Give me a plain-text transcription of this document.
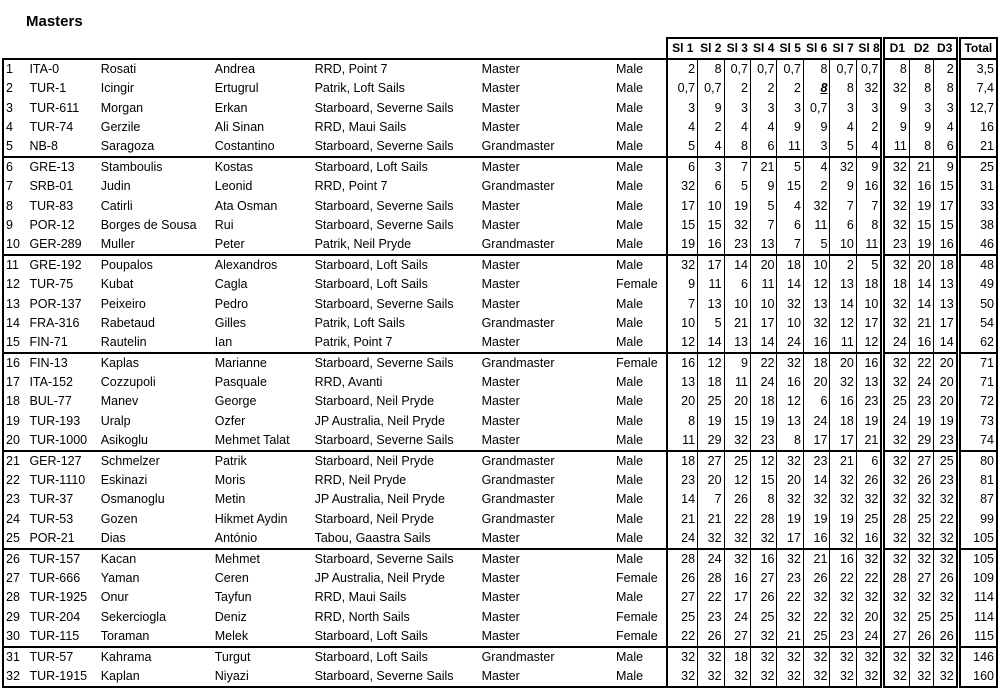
Masters
							Sl 1	Sl 2	Sl 3	Sl 4	Sl 5	Sl 6	Sl 7	Sl 8	D1	D2	D3	Total
1	ITA-0	Rosati	Andrea	RRD, Point 7	Master	Male	2	8	0,7	0,7	0,7	8	0,7	0,7	8	8	2	3,5
2	TUR-1	Icingir	Ertugrul	Patrik, Loft Sails	Master	Male	0,7	0,7	2	2	2	8	8	32	32	8	8	7,4
3	TUR-611	Morgan	Erkan	Starboard, Severne Sails	Master	Male	3	9	3	3	3	0,7	3	3	9	3	3	12,7
4	TUR-74	Gerzile	Ali Sinan	RRD, Maui Sails	Master	Male	4	2	4	4	9	9	4	2	9	9	4	16
5	NB-8	Saragoza	Costantino	Starboard, Severne Sails	Grandmaster	Male	5	4	8	6	11	3	5	4	11	8	6	21
6	GRE-13	Stamboulis	Kostas	Starboard, Loft Sails	Master	Male	6	3	7	21	5	4	32	9	32	21	9	25
7	SRB-01	Judin	Leonid	RRD, Point 7	Grandmaster	Male	32	6	5	9	15	2	9	16	32	16	15	31
8	TUR-83	Catirli	Ata Osman	Starboard, Severne Sails	Master	Male	17	10	19	5	4	32	7	7	32	19	17	33
9	POR-12	Borges de Sousa	Rui	Starboard, Severne Sails	Master	Male	15	15	32	7	6	11	6	8	32	15	15	38
10	GER-289	Muller	Peter	Patrik, Neil Pryde	Grandmaster	Male	19	16	23	13	7	5	10	11	23	19	16	46
11	GRE-192	Poupalos	Alexandros	Starboard, Loft Sails	Master	Male	32	17	14	20	18	10	2	5	32	20	18	48
12	TUR-75	Kubat	Cagla	Starboard, Loft Sails	Master	Female	9	11	6	11	14	12	13	18	18	14	13	49
13	POR-137	Peixeiro	Pedro	Starboard, Severne Sails	Master	Male	7	13	10	10	32	13	14	10	32	14	13	50
14	FRA-316	Rabetaud	Gilles	Patrik, Loft Sails	Grandmaster	Male	10	5	21	17	10	32	12	17	32	21	17	54
15	FIN-71	Rautelin	Ian	Patrik, Point 7	Master	Male	12	14	13	14	24	16	11	12	24	16	14	62
16	FIN-13	Kaplas	Marianne	Starboard, Severne Sails	Grandmaster	Female	16	12	9	22	32	18	20	16	32	22	20	71
17	ITA-152	Cozzupoli	Pasquale	RRD, Avanti	Master	Male	13	18	11	24	16	20	32	13	32	24	20	71
18	BUL-77	Manev	George	Starboard, Neil Pryde	Master	Male	20	25	20	18	12	6	16	23	25	23	20	72
19	TUR-193	Uralp	Ozfer	JP Australia, Neil Pryde	Master	Male	8	19	15	19	13	24	18	19	24	19	19	73
20	TUR-1000	Asikoglu	Mehmet Talat	Starboard, Severne Sails	Master	Male	11	29	32	23	8	17	17	21	32	29	23	74
21	GER-127	Schmelzer	Patrik	Starboard, Neil Pryde	Grandmaster	Male	18	27	25	12	32	23	21	6	32	27	25	80
22	TUR-1110	Eskinazi	Moris	RRD, Neil Pryde	Grandmaster	Male	23	20	12	15	20	14	32	26	32	26	23	81
23	TUR-37	Osmanoglu	Metin	JP Australia, Neil Pryde	Grandmaster	Male	14	7	26	8	32	32	32	32	32	32	32	87
24	TUR-53	Gozen	Hikmet Aydin	Starboard, Neil Pryde	Grandmaster	Male	21	21	22	28	19	19	19	25	28	25	22	99
25	POR-21	Dias	António	Tabou, Gaastra Sails	Master	Male	24	32	32	32	17	16	32	16	32	32	32	105
26	TUR-157	Kacan	Mehmet	Starboard, Severne Sails	Master	Male	28	24	32	16	32	21	16	32	32	32	32	105
27	TUR-666	Yaman	Ceren	JP Australia, Neil Pryde	Master	Female	26	28	16	27	23	26	22	22	28	27	26	109
28	TUR-1925	Onur	Tayfun	RRD, Maui Sails	Master	Male	27	22	17	26	22	32	32	32	32	32	32	114
29	TUR-204	Sekercioglа	Deniz	RRD, North Sails	Master	Female	25	23	24	25	32	22	32	20	32	25	25	114
30	TUR-115	Toraman	Melek	Starboard, Loft Sails	Master	Female	22	26	27	32	21	25	23	24	27	26	26	115
31	TUR-57	Kahrama	Turgut	Starboard, Loft Sails	Grandmaster	Male	32	32	18	32	32	32	32	32	32	32	32	146
32	TUR-1915	Kaplan	Niyazi	Starboard, Severne Sails	Master	Male	32	32	32	32	32	32	32	32	32	32	32	160
